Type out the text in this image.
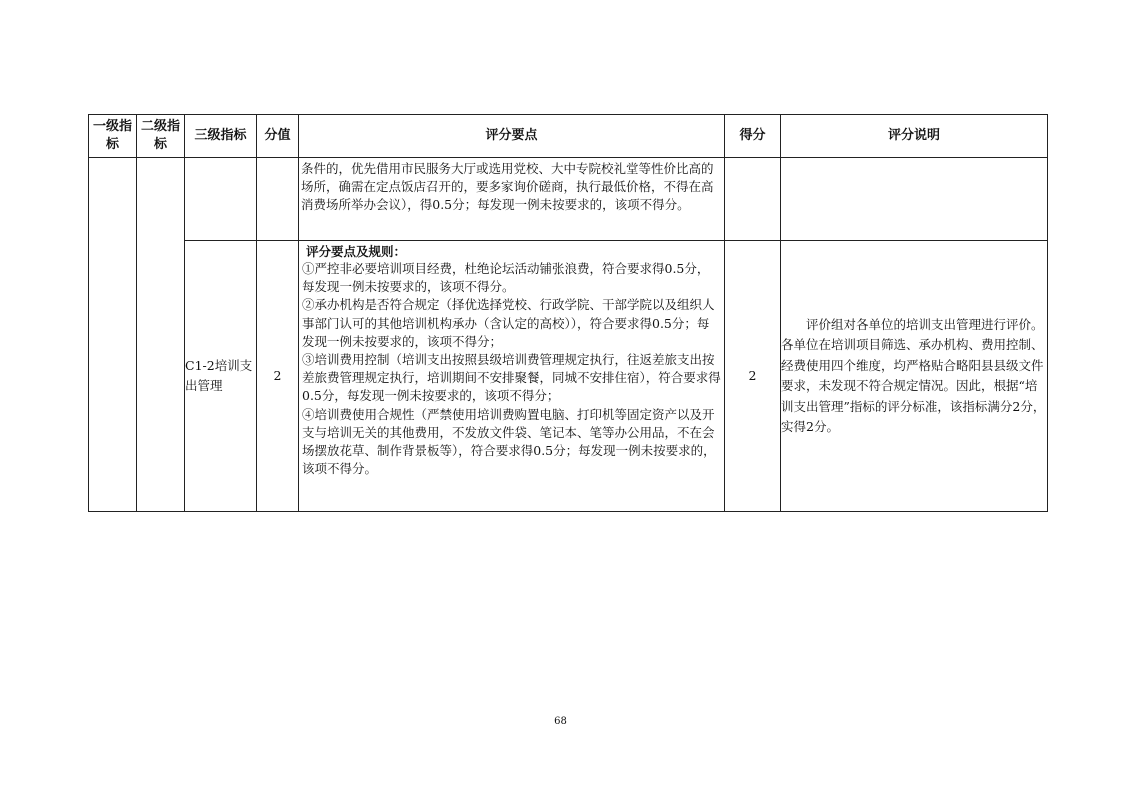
一级指标	二级指标	三级指标	分值	评分要点	得分	评分说明

				条件的，优先借用市民服务大厅或选用党校、大中专院校礼堂等性价比高的场所，确需在定点饭店召开的，要多家询价磋商，执行最低价格，不得在高消费场所举办会议），得0.5分；每发现一例未按要求的，该项不得分。		

		C1-2培训支出管理	2	评分要点及规则：
①严控非必要培训项目经费，杜绝论坛活动铺张浪费，符合要求得0.5分，每发现一例未按要求的，该项不得分。
②承办机构是否符合规定（择优选择党校、行政学院、干部学院以及组织人事部门认可的其他培训机构承办（含认定的高校）），符合要求得0.5分；每发现一例未按要求的，该项不得分；
③培训费用控制（培训支出按照县级培训费管理规定执行，往返差旅支出按差旅费管理规定执行，培训期间不安排聚餐，同城不安排住宿），符合要求得0.5分，每发现一例未按要求的，该项不得分；
④培训费使用合规性（严禁使用培训费购置电脑、打印机等固定资产以及开支与培训无关的其他费用，不发放文件袋、笔记本、笔等办公用品，不在会场摆放花草、制作背景板等），符合要求得0.5分；每发现一例未按要求的，该项不得分。	2	评价组对各单位的培训支出管理进行评价。各单位在培训项目筛选、承办机构、费用控制、经费使用四个维度，均严格贴合略阳县县级文件要求，未发现不符合规定情况。因此，根据“培训支出管理”指标的评分标准，该指标满分2分，实得2分。
68
